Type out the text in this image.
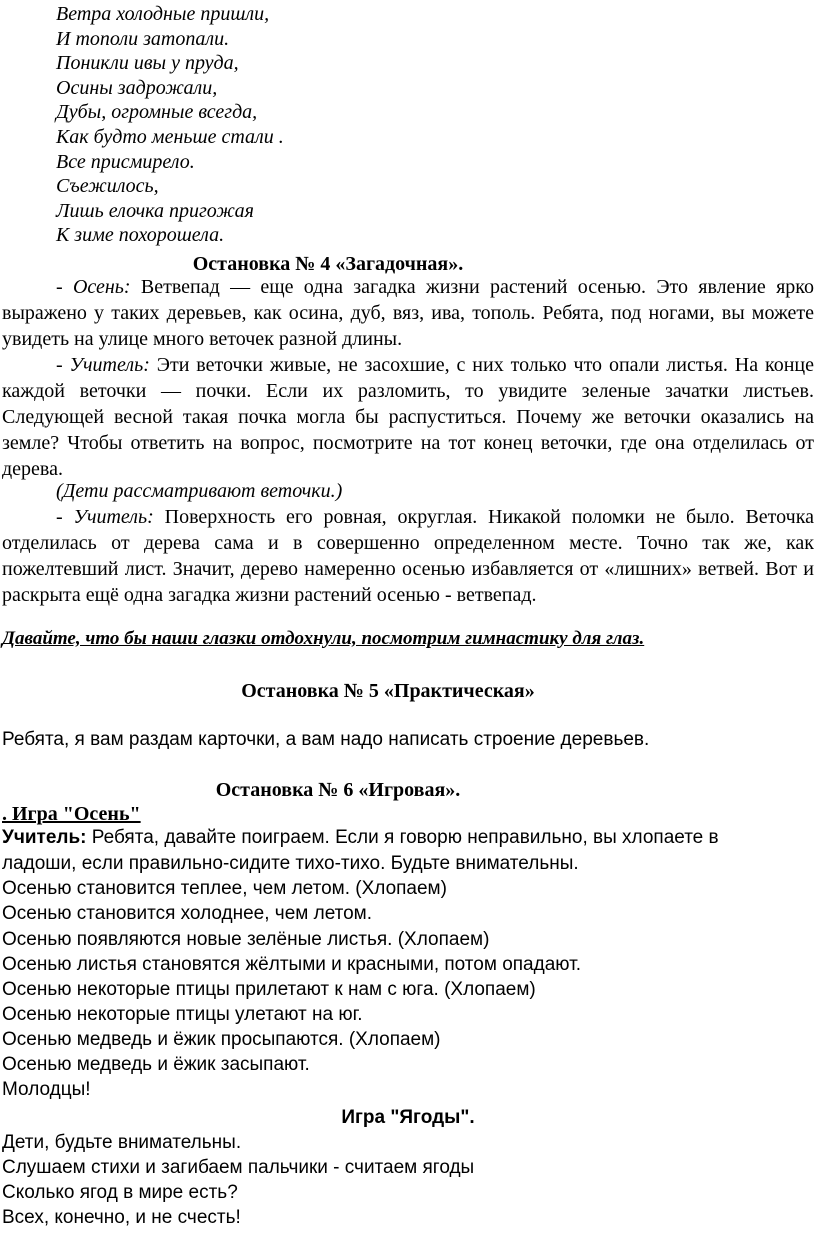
Ветра холодные пришли,
И тополи затопали.
Поникли ивы у пруда,
Осины задрожали,
Дубы, огромные всегда,
Как будто меньше стали .
Все присмирело.
Съежилось,
Лишь елочка пригожая
К зиме похорошела.
Остановка № 4 «Загадочная».
- Осень: Ветвепад — еще одна загадка жизни растений осенью. Это явление ярко выражено у таких деревьев, как осина, дуб, вяз, ива, тополь. Ребята, под ногами, вы можете увидеть на улице много веточек разной длины.
- Учитель: Эти веточки живые, не засохшие, с них только что опали листья. На конце каждой веточки — почки. Если их разломить, то увидите зеленые зачатки листьев. Следующей весной такая почка могла бы распуститься. Почему же веточки оказались на земле? Чтобы ответить на вопрос, посмотрите на тот конец веточки, где она отделилась от дерева.
(Дети рассматривают веточки.)
- Учитель: Поверхность его ровная, округлая. Никакой поломки не было. Веточка отделилась от дерева сама и в совершенно определенном месте. Точно так же, как пожелтевший лист. Значит, дерево намеренно осенью избавляется от «лишних» ветвей. Вот и раскрыта ещё одна загадка жизни растений осенью - ветвепад.
Давайте, что бы наши глазки отдохнули, посмотрим гимнастику для глаз.
Остановка № 5 «Практическая»
Ребята, я вам раздам карточки, а вам надо написать строение деревьев.
Остановка № 6 «Игровая».
. Игра "Осень"
Учитель: Ребята, давайте поиграем. Если я говорю неправильно, вы хлопаете в
ладоши, если правильно-сидите тихо-тихо. Будьте внимательны.
Осенью становится теплее, чем летом. (Хлопаем)
Осенью становится холоднее, чем летом.
Осенью появляются новые зелёные листья. (Хлопаем)
Осенью листья становятся жёлтыми и красными, потом опадают.
Осенью некоторые птицы прилетают к нам с юга. (Хлопаем)
Осенью некоторые птицы улетают на юг.
Осенью медведь и ёжик просыпаются. (Хлопаем)
Осенью медведь и ёжик засыпают.
Молодцы!
Игра "Ягоды".
Дети, будьте внимательны.
Слушаем стихи и загибаем пальчики - считаем ягоды
Сколько ягод в мире есть?
Всех, конечно, и не счесть!
